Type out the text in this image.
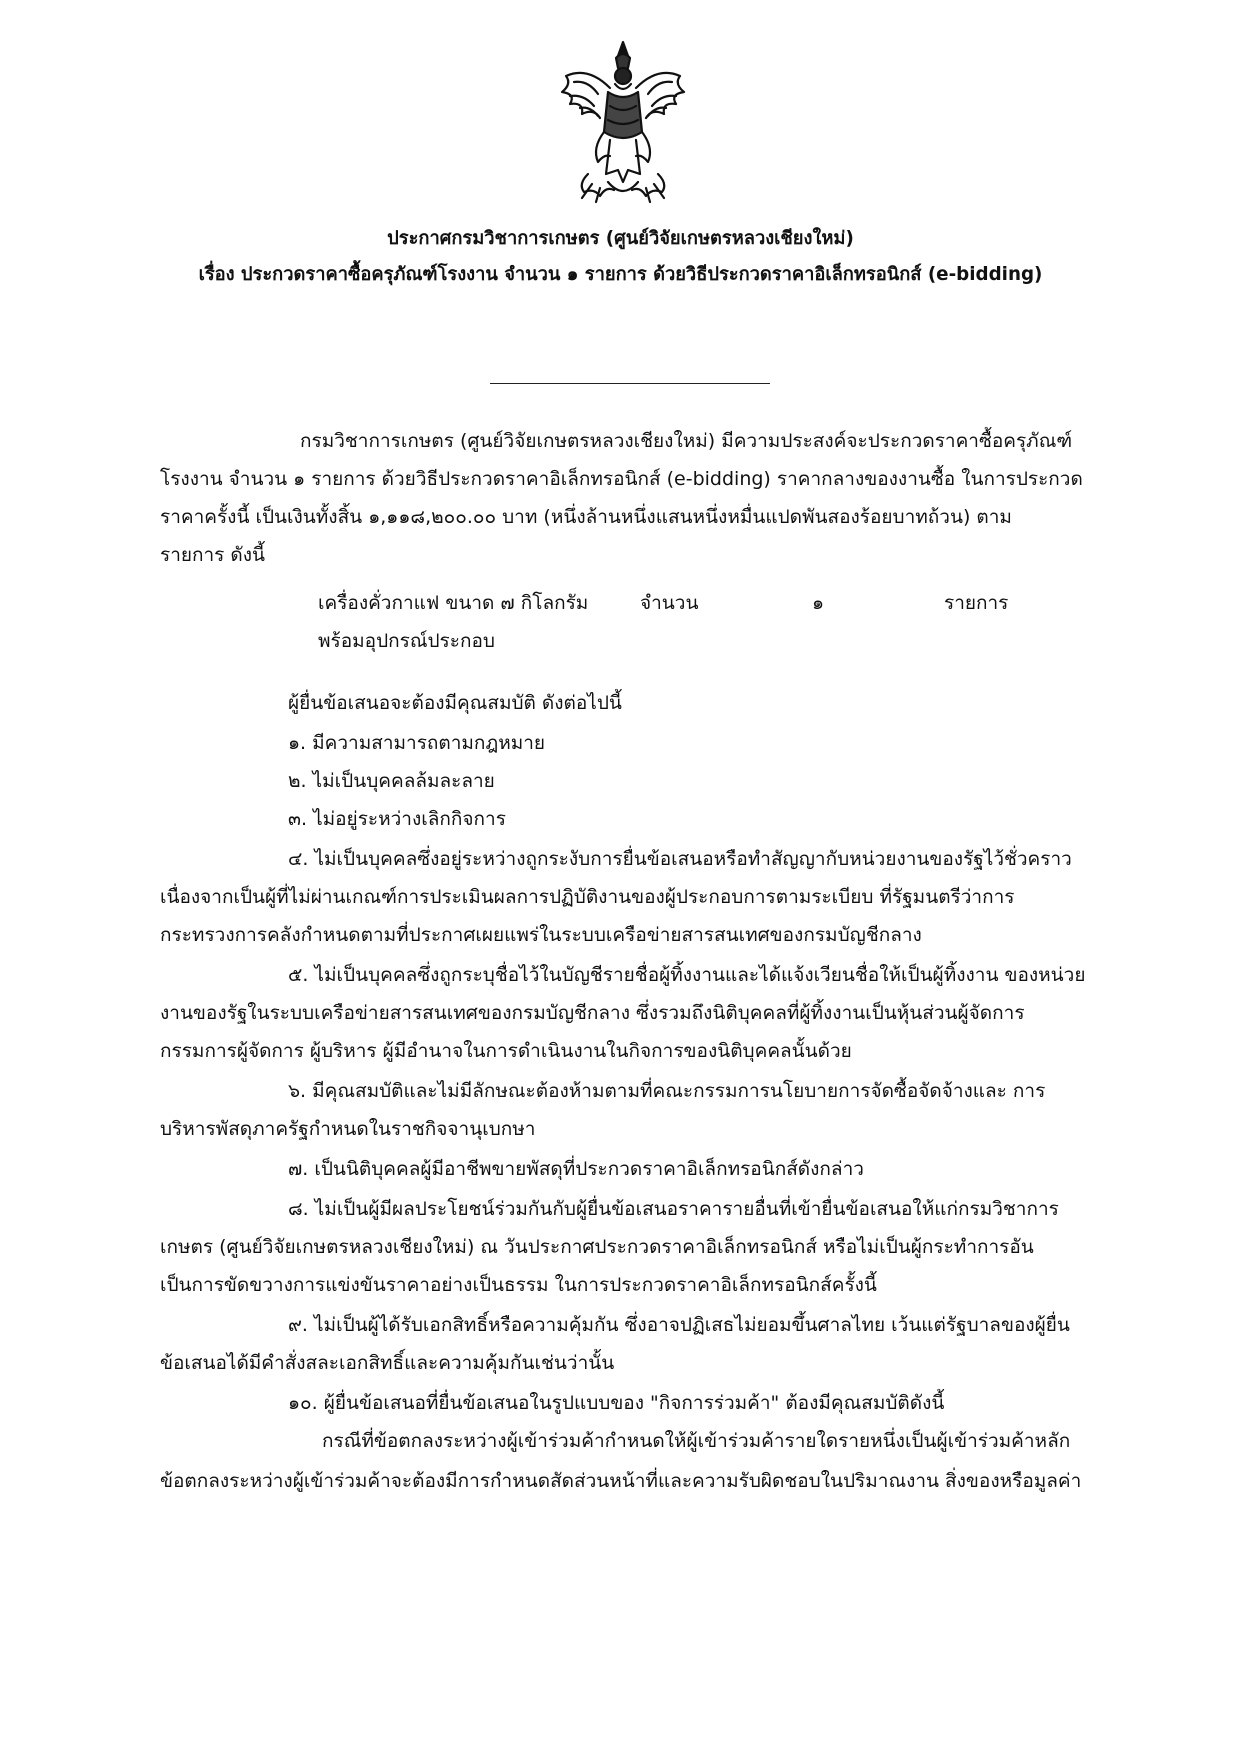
ประกาศกรมวิชาการเกษตร (ศูนย์วิจัยเกษตรหลวงเชียงใหม่)
เรื่อง ประกวดราคาซื้อครุภัณฑ์โรงงาน จำนวน ๑ รายการ ด้วยวิธีประกวดราคาอิเล็กทรอนิกส์ (e-bidding)
กรมวิชาการเกษตร (ศูนย์วิจัยเกษตรหลวงเชียงใหม่) มีความประสงค์จะประกวดราคาซื้อครุภัณฑ์
โรงงาน จำนวน ๑ รายการ ด้วยวิธีประกวดราคาอิเล็กทรอนิกส์ (e-bidding) ราคากลางของงานซื้อ ในการประกวด
ราคาครั้งนี้ เป็นเงินทั้งสิ้น ๑,๑๑๘,๒๐๐.๐๐ บาท (หนึ่งล้านหนึ่งแสนหนึ่งหมื่นแปดพันสองร้อยบาทถ้วน) ตาม
รายการ ดังนี้
เครื่องคั่วกาแฟ ขนาด ๗ กิโลกรัม	จำนวน	๑	รายการ
พร้อมอุปกรณ์ประกอบ
ผู้ยื่นข้อเสนอจะต้องมีคุณสมบัติ ดังต่อไปนี้
๑. มีความสามารถตามกฎหมาย
๒. ไม่เป็นบุคคลล้มละลาย
๓. ไม่อยู่ระหว่างเลิกกิจการ
๔. ไม่เป็นบุคคลซึ่งอยู่ระหว่างถูกระงับการยื่นข้อเสนอหรือทำสัญญากับหน่วยงานของรัฐไว้ชั่วคราว
เนื่องจากเป็นผู้ที่ไม่ผ่านเกณฑ์การประเมินผลการปฏิบัติงานของผู้ประกอบการตามระเบียบ ที่รัฐมนตรีว่าการ
กระทรวงการคลังกำหนดตามที่ประกาศเผยแพร่ในระบบเครือข่ายสารสนเทศของกรมบัญชีกลาง
๕. ไม่เป็นบุคคลซึ่งถูกระบุชื่อไว้ในบัญชีรายชื่อผู้ทิ้งงานและได้แจ้งเวียนชื่อให้เป็นผู้ทิ้งงาน ของหน่วย
งานของรัฐในระบบเครือข่ายสารสนเทศของกรมบัญชีกลาง ซึ่งรวมถึงนิติบุคคลที่ผู้ทิ้งงานเป็นหุ้นส่วนผู้จัดการ
กรรมการผู้จัดการ ผู้บริหาร ผู้มีอำนาจในการดำเนินงานในกิจการของนิติบุคคลนั้นด้วย
๖. มีคุณสมบัติและไม่มีลักษณะต้องห้ามตามที่คณะกรรมการนโยบายการจัดซื้อจัดจ้างและ การ
บริหารพัสดุภาครัฐกำหนดในราชกิจจานุเบกษา
๗. เป็นนิติบุคคลผู้มีอาชีพขายพัสดุที่ประกวดราคาอิเล็กทรอนิกส์ดังกล่าว
๘. ไม่เป็นผู้มีผลประโยชน์ร่วมกันกับผู้ยื่นข้อเสนอราคารายอื่นที่เข้ายื่นข้อเสนอให้แก่กรมวิชาการ
เกษตร (ศูนย์วิจัยเกษตรหลวงเชียงใหม่) ณ วันประกาศประกวดราคาอิเล็กทรอนิกส์ หรือไม่เป็นผู้กระทำการอัน
เป็นการขัดขวางการแข่งขันราคาอย่างเป็นธรรม ในการประกวดราคาอิเล็กทรอนิกส์ครั้งนี้
๙. ไม่เป็นผู้ได้รับเอกสิทธิ์หรือความคุ้มกัน ซึ่งอาจปฏิเสธไม่ยอมขึ้นศาลไทย เว้นแต่รัฐบาลของผู้ยื่น
ข้อเสนอได้มีคำสั่งสละเอกสิทธิ์และความคุ้มกันเช่นว่านั้น
๑๐. ผู้ยื่นข้อเสนอที่ยื่นข้อเสนอในรูปแบบของ "กิจการร่วมค้า" ต้องมีคุณสมบัติดังนี้
กรณีที่ข้อตกลงระหว่างผู้เข้าร่วมค้ากำหนดให้ผู้เข้าร่วมค้ารายใดรายหนึ่งเป็นผู้เข้าร่วมค้าหลัก
ข้อตกลงระหว่างผู้เข้าร่วมค้าจะต้องมีการกำหนดสัดส่วนหน้าที่และความรับผิดชอบในปริมาณงาน สิ่งของหรือมูลค่า
